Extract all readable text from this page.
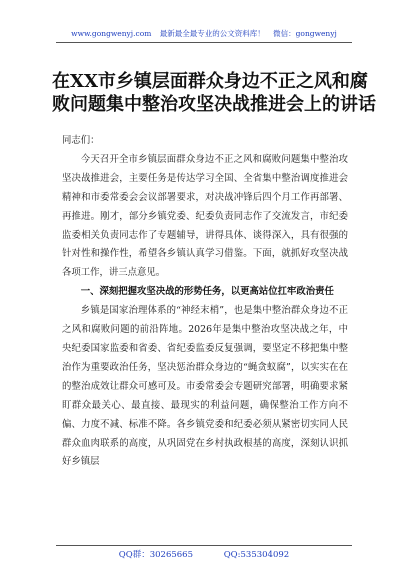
www.gongwenyj.com 最新最全最专业的公文资料库！ 微信：gongwenyj
在XX市乡镇层面群众身边不正之风和腐
败问题集中整治攻坚决战推进会上的讲话

同志们：

今天召开全市乡镇层面群众身边不正之风和腐败问题集中整治攻坚决战推进会，主要任务是传达学习全国、全省集中整治调度推进会精神和市委常委会会议部署要求，对决战冲锋后四个月工作再部署、再推进。刚才，部分乡镇党委、纪委负责同志作了交流发言，市纪委监委相关负责同志作了专题辅导，讲得具体、谈得深入，具有很强的针对性和操作性，希望各乡镇认真学习借鉴。下面，就抓好攻坚决战各项工作，讲三点意见。

一、深刻把握攻坚决战的形势任务，以更高站位扛牢政治责任

乡镇是国家治理体系的“神经末梢”，也是集中整治群众身边不正之风和腐败问题的前沿阵地。2026年是集中整治攻坚决战之年，中央纪委国家监委和省委、省纪委监委反复强调，要坚定不移把集中整治作为重要政治任务，坚决惩治群众身边的“蝇贪蚁腐”，以实实在在的整治成效让群众可感可及。市委常委会专题研究部署，明确要求紧盯群众最关心、最直接、最现实的利益问题，确保整治工作方向不偏、力度不减、标准不降。各乡镇党委和纪委必须从紧密切实同人民群众血肉联系的高度，从巩固党在乡村执政根基的高度，深刻认识抓好乡镇层

QQ群：30265665	QQ:535304092
